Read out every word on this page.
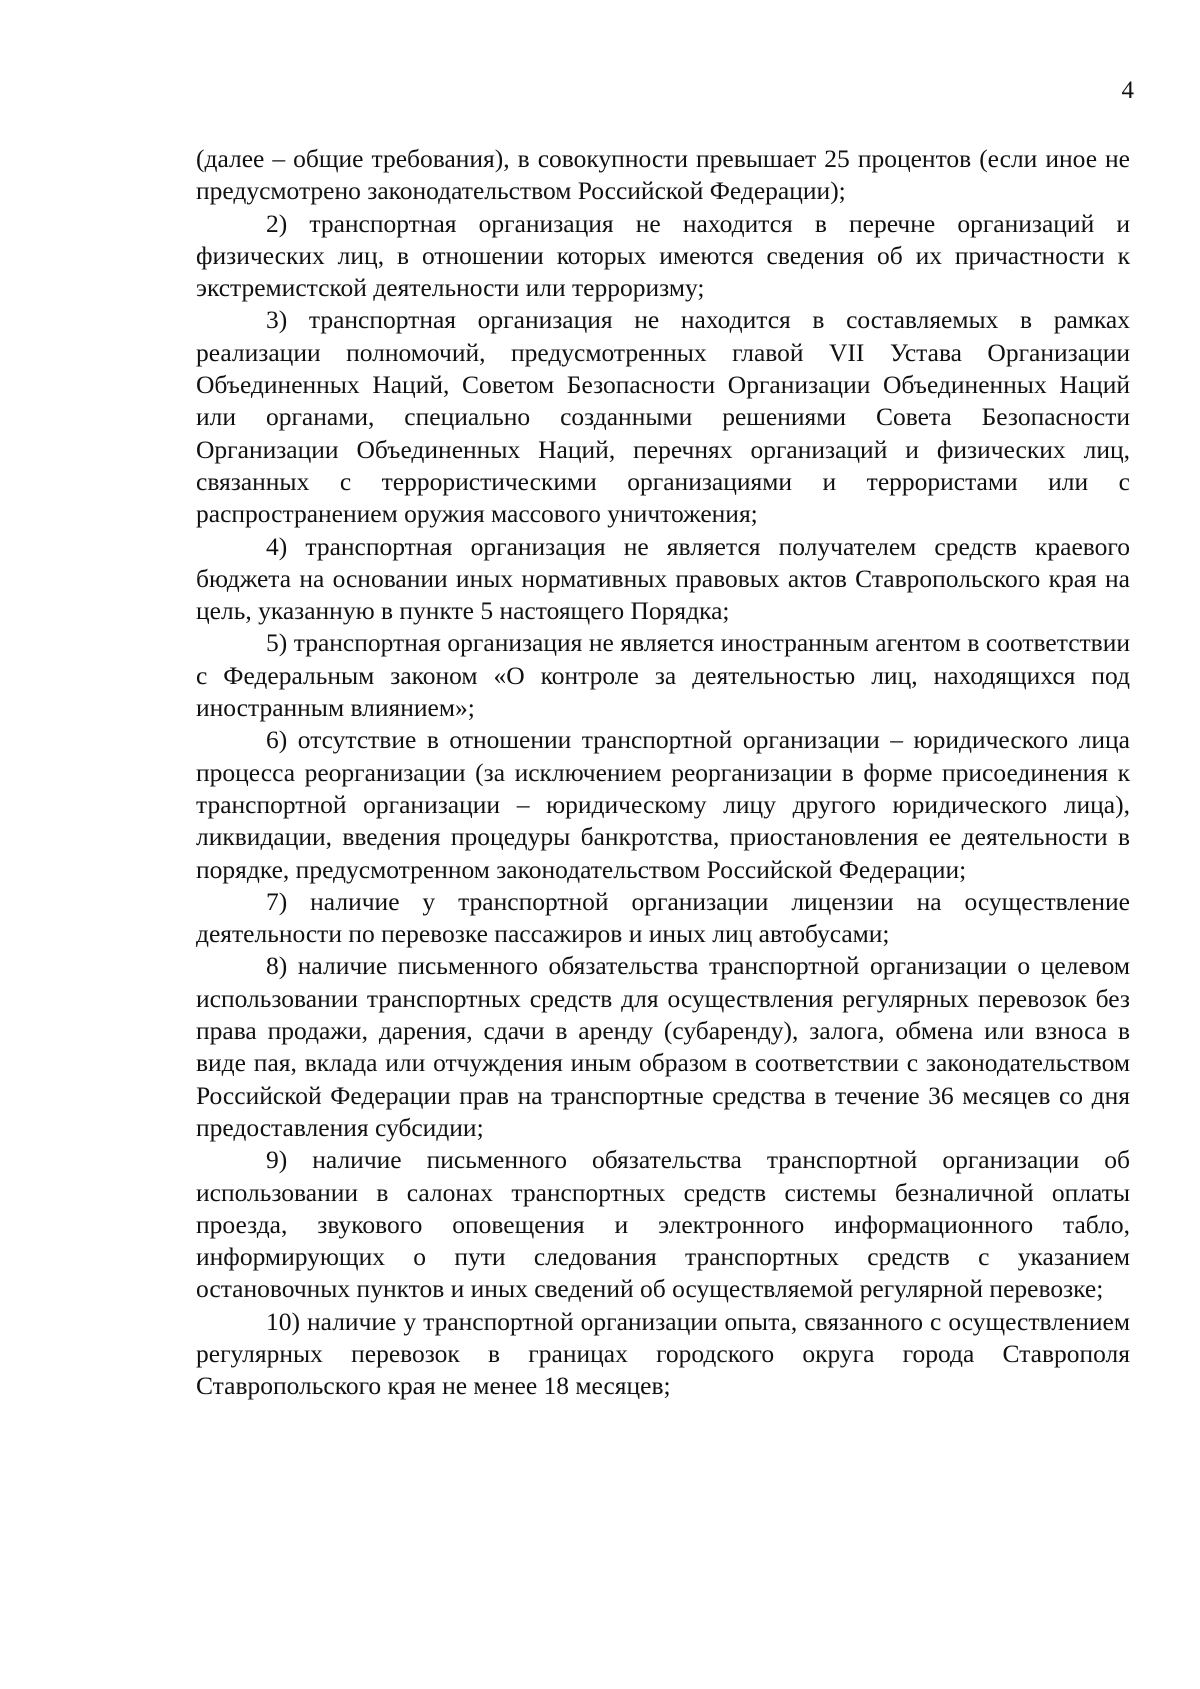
4

(далее – общие требования), в совокупности превышает 25 процентов (если иное не предусмотрено законодательством Российской Федерации);

2) транспортная организация не находится в перечне организаций и физических лиц, в отношении которых имеются сведения об их причастности к экстремистской деятельности или терроризму;

3) транспортная организация не находится в составляемых в рамках реализации полномочий, предусмотренных главой VII Устава Организации Объединенных Наций, Советом Безопасности Организации Объединенных Наций или органами, специально созданными решениями Совета Безопасности Организации Объединенных Наций, перечнях организаций и физических лиц, связанных с террористическими организациями и террористами или с распространением оружия массового уничтожения;

4) транспортная организация не является получателем средств краевого бюджета на основании иных нормативных правовых актов Ставропольского края на цель, указанную в пункте 5 настоящего Порядка;

5) транспортная организация не является иностранным агентом в соответствии с Федеральным законом «О контроле за деятельностью лиц, находящихся под иностранным влиянием»;

6) отсутствие в отношении транспортной организации – юридического лица процесса реорганизации (за исключением реорганизации в форме присоединения к транспортной организации – юридическому лицу другого юридического лица), ликвидации, введения процедуры банкротства, приостановления ее деятельности в порядке, предусмотренном законодательством Российской Федерации;

7) наличие у транспортной организации лицензии на осуществление деятельности по перевозке пассажиров и иных лиц автобусами;

8) наличие письменного обязательства транспортной организации о целевом использовании транспортных средств для осуществления регулярных перевозок без права продажи, дарения, сдачи в аренду (субаренду), залога, обмена или взноса в виде пая, вклада или отчуждения иным образом в соответствии с законодательством Российской Федерации прав на транспортные средства в течение 36 месяцев со дня предоставления субсидии;

9) наличие письменного обязательства транспортной организации об использовании в салонах транспортных средств системы безналичной оплаты проезда, звукового оповещения и электронного информационного табло, информирующих о пути следования транспортных средств с указанием остановочных пунктов и иных сведений об осуществляемой регулярной перевозке;

10) наличие у транспортной организации опыта, связанного с осуществлением регулярных перевозок в границах городского округа города Ставрополя Ставропольского края не менее 18 месяцев;
